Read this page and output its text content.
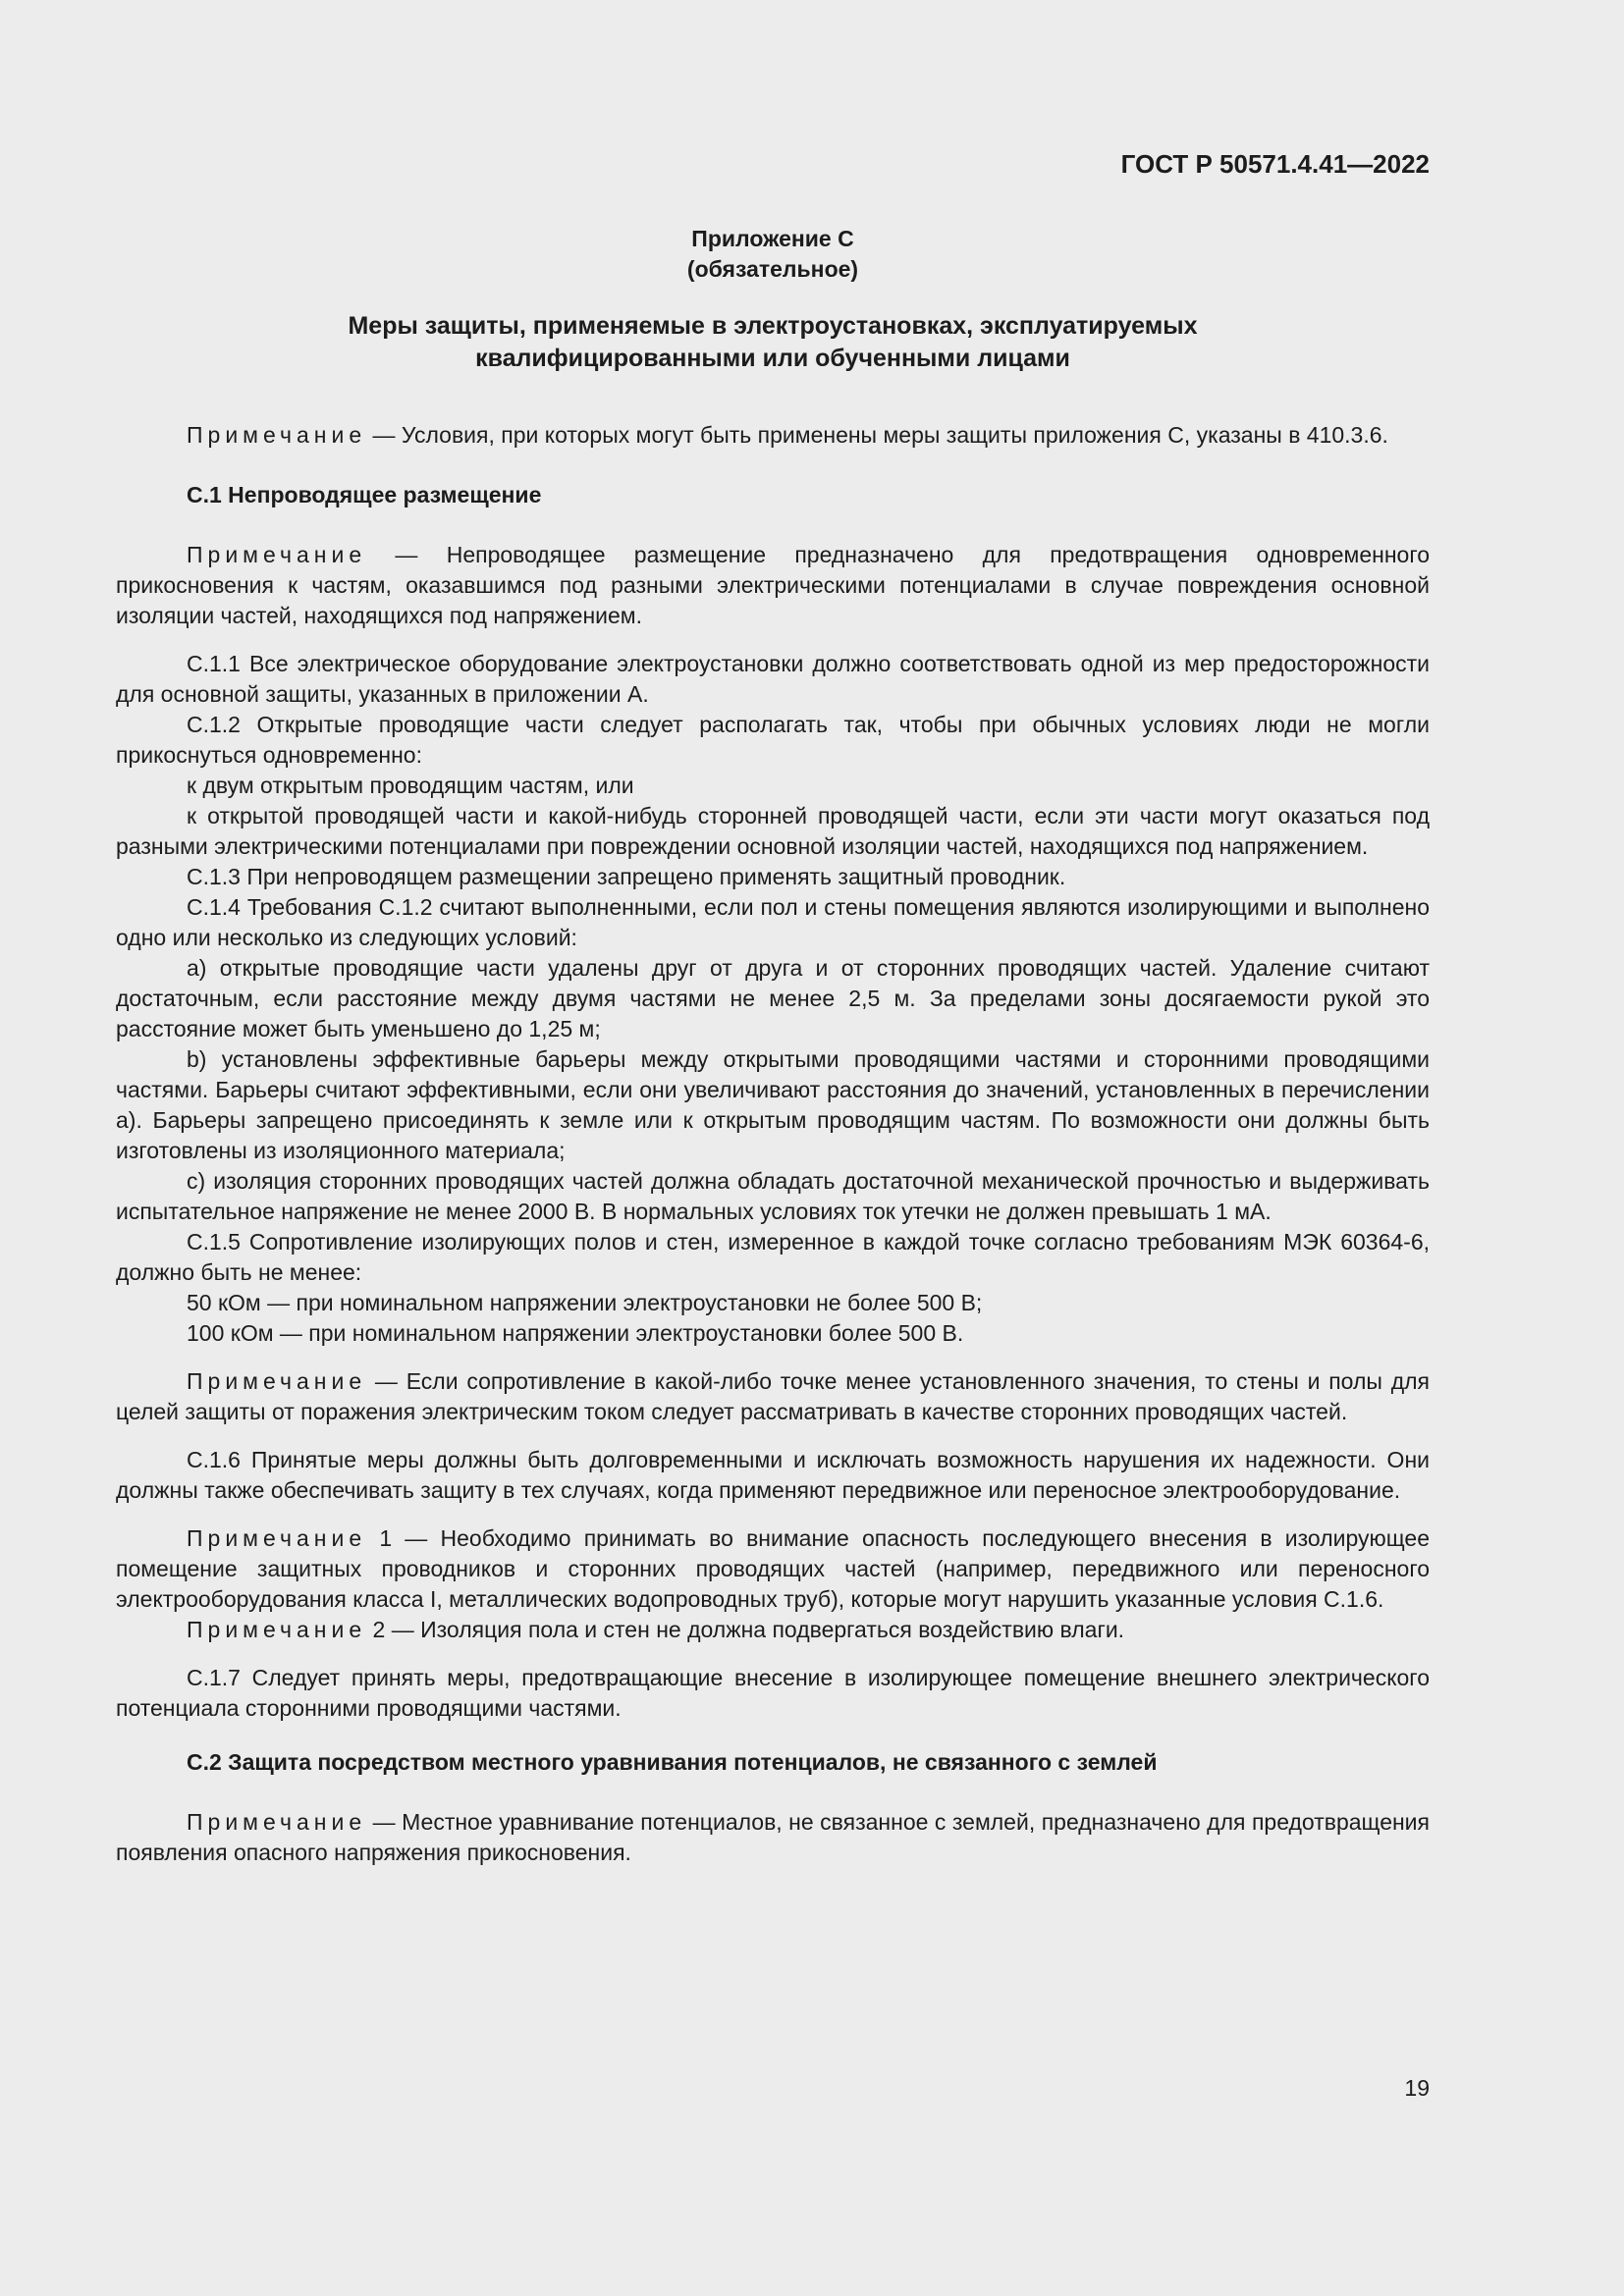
ГОСТ Р 50571.4.41—2022
Приложение С
(обязательное)
Меры защиты, применяемые в электроустановках, эксплуатируемых
квалифицированными или обученными лицами

Примечание — Условия, при которых могут быть применены меры защиты приложения С, указаны в 410.3.6.

С.1 Непроводящее размещение

Примечание — Непроводящее размещение предназначено для предотвращения одновременного прикосновения к частям, оказавшимся под разными электрическими потенциалами в случае повреждения основной изоляции частей, находящихся под напряжением.

С.1.1 Все электрическое оборудование электроустановки должно соответствовать одной из мер предосторожности для основной защиты, указанных в приложении А.

С.1.2 Открытые проводящие части следует располагать так, чтобы при обычных условиях люди не могли прикоснуться одновременно:

к двум открытым проводящим частям, или

к открытой проводящей части и какой-нибудь сторонней проводящей части, если эти части могут оказаться под разными электрическими потенциалами при повреждении основной изоляции частей, находящихся под напряжением.

С.1.3 При непроводящем размещении запрещено применять защитный проводник.

С.1.4 Требования С.1.2 считают выполненными, если пол и стены помещения являются изолирующими и выполнено одно или несколько из следующих условий:

а) открытые проводящие части удалены друг от друга и от сторонних проводящих частей. Удаление считают достаточным, если расстояние между двумя частями не менее 2,5 м. За пределами зоны досягаемости рукой это расстояние может быть уменьшено до 1,25 м;

b) установлены эффективные барьеры между открытыми проводящими частями и сторонними проводящими частями. Барьеры считают эффективными, если они увеличивают расстояния до значений, установленных в перечислении а). Барьеры запрещено присоединять к земле или к открытым проводящим частям. По возможности они должны быть изготовлены из изоляционного материала;

с) изоляция сторонних проводящих частей должна обладать достаточной механической прочностью и выдерживать испытательное напряжение не менее 2000 В. В нормальных условиях ток утечки не должен превышать 1 мА.

С.1.5 Сопротивление изолирующих полов и стен, измеренное в каждой точке согласно требованиям МЭК 60364-6, должно быть не менее:

50 кОм — при номинальном напряжении электроустановки не более 500 В;

100 кОм — при номинальном напряжении электроустановки более 500 В.

Примечание — Если сопротивление в какой-либо точке менее установленного значения, то стены и полы для целей защиты от поражения электрическим током следует рассматривать в качестве сторонних проводящих частей.

С.1.6 Принятые меры должны быть долговременными и исключать возможность нарушения их надежности. Они должны также обеспечивать защиту в тех случаях, когда применяют передвижное или переносное электрооборудование.

Примечание 1 — Необходимо принимать во внимание опасность последующего внесения в изолирующее помещение защитных проводников и сторонних проводящих частей (например, передвижного или переносного электрооборудования класса I, металлических водопроводных труб), которые могут нарушить указанные условия С.1.6.

Примечание 2 — Изоляция пола и стен не должна подвергаться воздействию влаги.

С.1.7 Следует принять меры, предотвращающие внесение в изолирующее помещение внешнего электрического потенциала сторонними проводящими частями.

С.2 Защита посредством местного уравнивания потенциалов, не связанного с землей

Примечание — Местное уравнивание потенциалов, не связанное с землей, предназначено для предотвращения появления опасного напряжения прикосновения.

19
